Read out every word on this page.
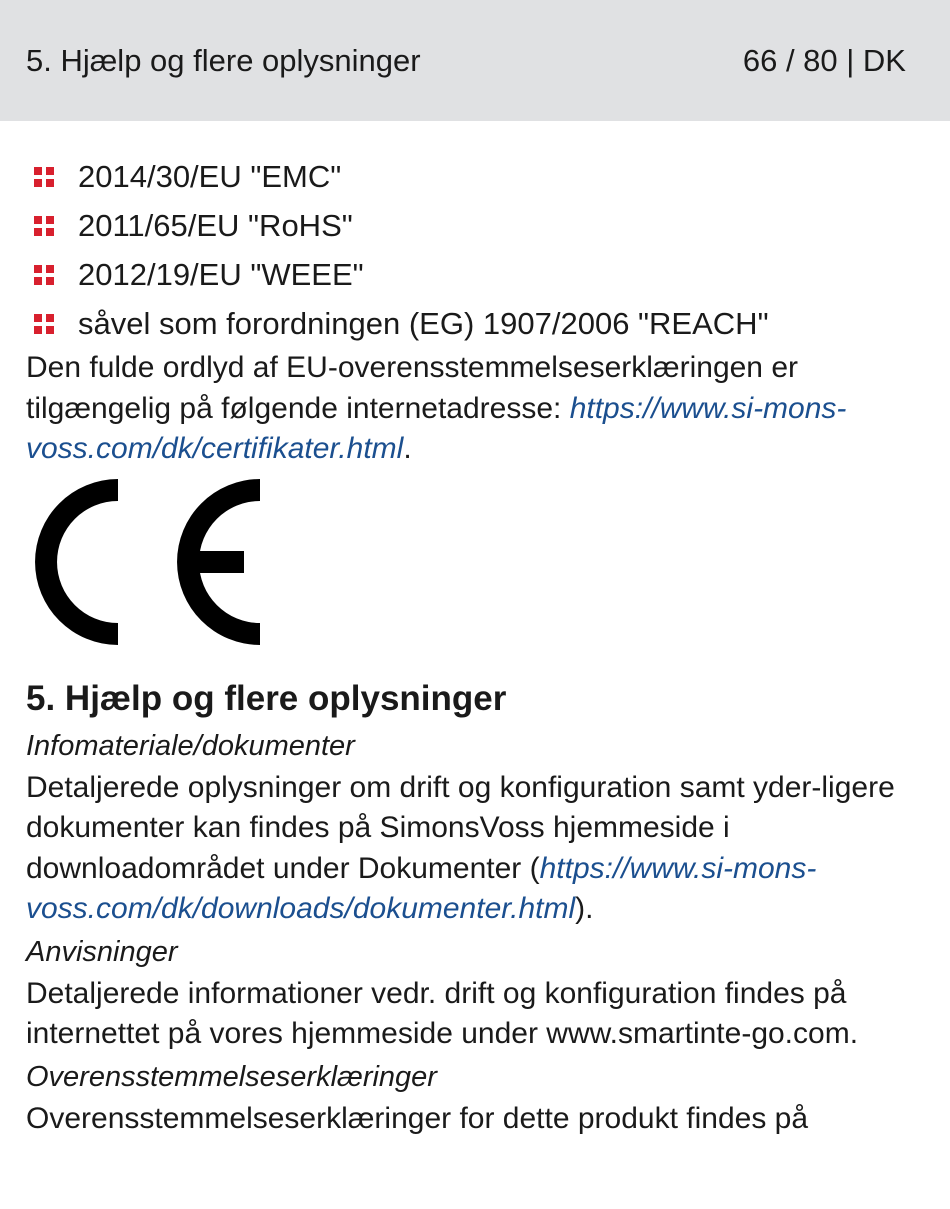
5. Hjælp og flere oplysninger	66 / 80 | DK
2014/30/EU "EMC"
2011/65/EU "RoHS"
2012/19/EU "WEEE"
såvel som forordningen (EG) 1907/2006 "REACH"

Den fulde ordlyd af EU-overensstemmelseserklæringen er tilgængelig på følgende internetadresse: https://www.si-mons-voss.com/dk/certifikater.html.

5. Hjælp og flere oplysninger

Infomateriale/dokumenter

Detaljerede oplysninger om drift og konfiguration samt yder-ligere dokumenter kan findes på SimonsVoss hjemmeside i downloadområdet under Dokumenter (https://www.si-mons-voss.com/dk/downloads/dokumenter.html).

Anvisninger

Detaljerede informationer vedr. drift og konfiguration findes på internettet på vores hjemmeside under www.smartinte-go.com.

Overensstemmelseserklæringer

Overensstemmelseserklæringer for dette produkt findes på
